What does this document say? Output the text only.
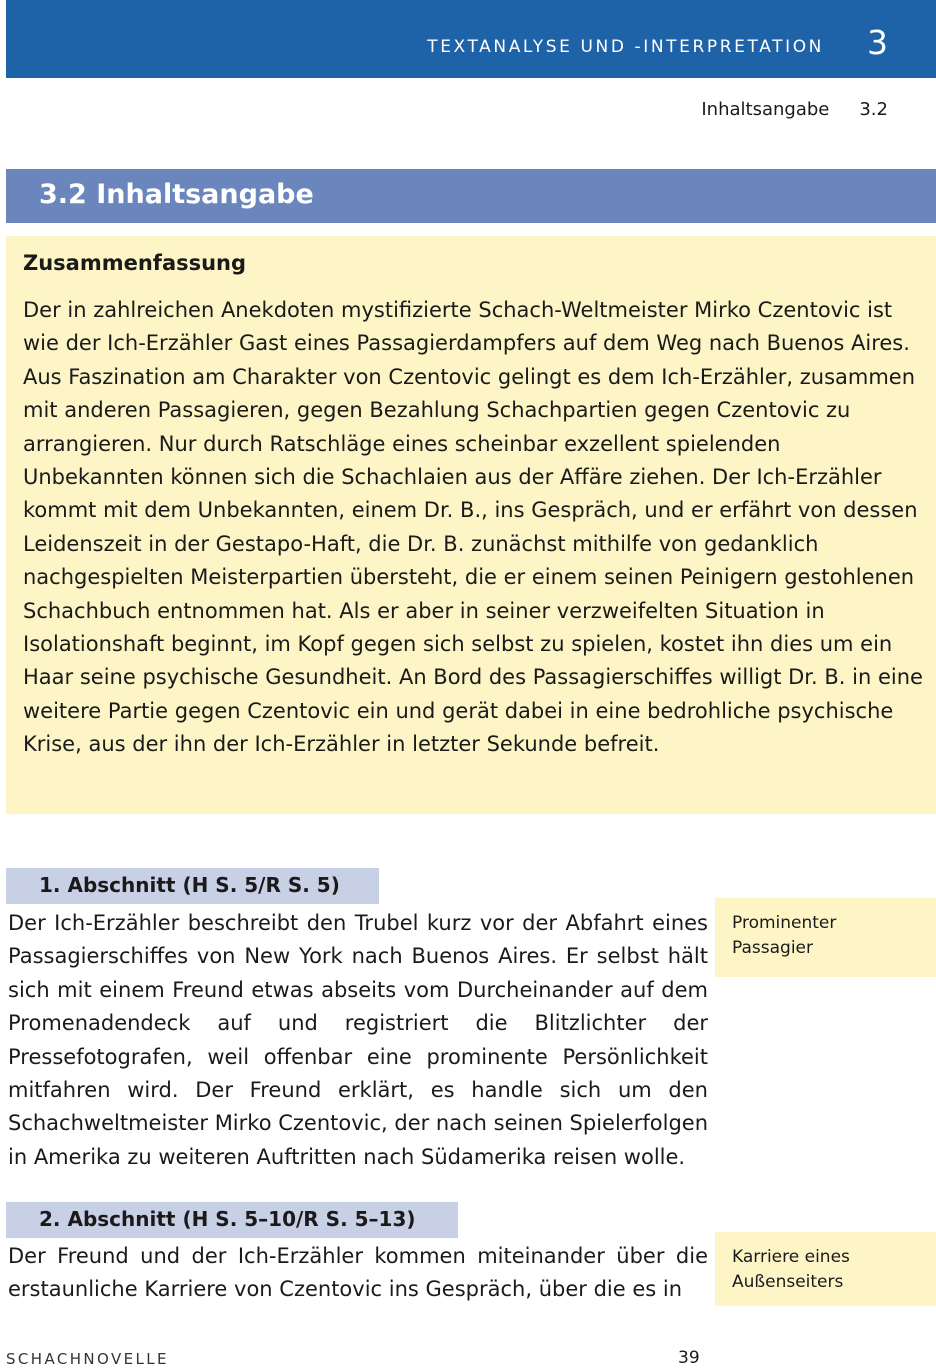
TEXTANALYSE UND -INTERPRETATION 3
Inhaltsangabe 3.2
3.2 Inhaltsangabe
Zusammenfassung

Der in zahlreichen Anekdoten mystifizierte Schach-Weltmeister Mirko Czentovic ist wie der Ich-Erzähler Gast eines Passagierdampfers auf dem Weg nach Buenos Aires. Aus Faszination am Charakter von Czentovic gelingt es dem Ich-Erzähler, zusammen mit anderen Passagieren, gegen Bezahlung Schachpartien gegen Czentovic zu arrangieren. Nur durch Ratschläge eines scheinbar exzellent spielenden Unbekannten können sich die Schachlaien aus der Affäre ziehen. Der Ich-Erzähler kommt mit dem Unbekannten, einem Dr. B., ins Gespräch, und er erfährt von dessen Leidenszeit in der Gestapo-Haft, die Dr. B. zunächst mithilfe von gedanklich nachgespielten Meisterpartien übersteht, die er einem seinen Peinigern gestohlenen Schachbuch entnommen hat. Als er aber in seiner verzweifelten Situation in Isolationshaft beginnt, im Kopf gegen sich selbst zu spielen, kostet ihn dies um ein Haar seine psychische Gesundheit. An Bord des Passagierschiffes willigt Dr. B. in eine weitere Partie gegen Czentovic ein und gerät dabei in eine bedrohliche psychische Krise, aus der ihn der Ich-Erzähler in letzter Sekunde befreit.

1. Abschnitt (H S. 5/R S. 5)

Der Ich-Erzähler beschreibt den Trubel kurz vor der Abfahrt eines Passagierschiffes von New York nach Buenos Aires. Er selbst hält sich mit einem Freund etwas abseits vom Durcheinander auf dem Promenadendeck auf und registriert die Blitzlichter der Pressefotografen, weil offenbar eine prominente Persönlichkeit mitfahren wird. Der Freund erklärt, es handle sich um den Schachweltmeister Mirko Czentovic, der nach seinen Spielerfolgen in Amerika zu weiteren Auftritten nach Südamerika reisen wolle.

Prominenter Passagier
2. Abschnitt (H S. 5–10/R S. 5–13)

Der Freund und der Ich-Erzähler kommen miteinander über die erstaunliche Karriere von Czentovic ins Gespräch, über die es in

Karriere eines Außenseiters
SCHACHNOVELLE	39
